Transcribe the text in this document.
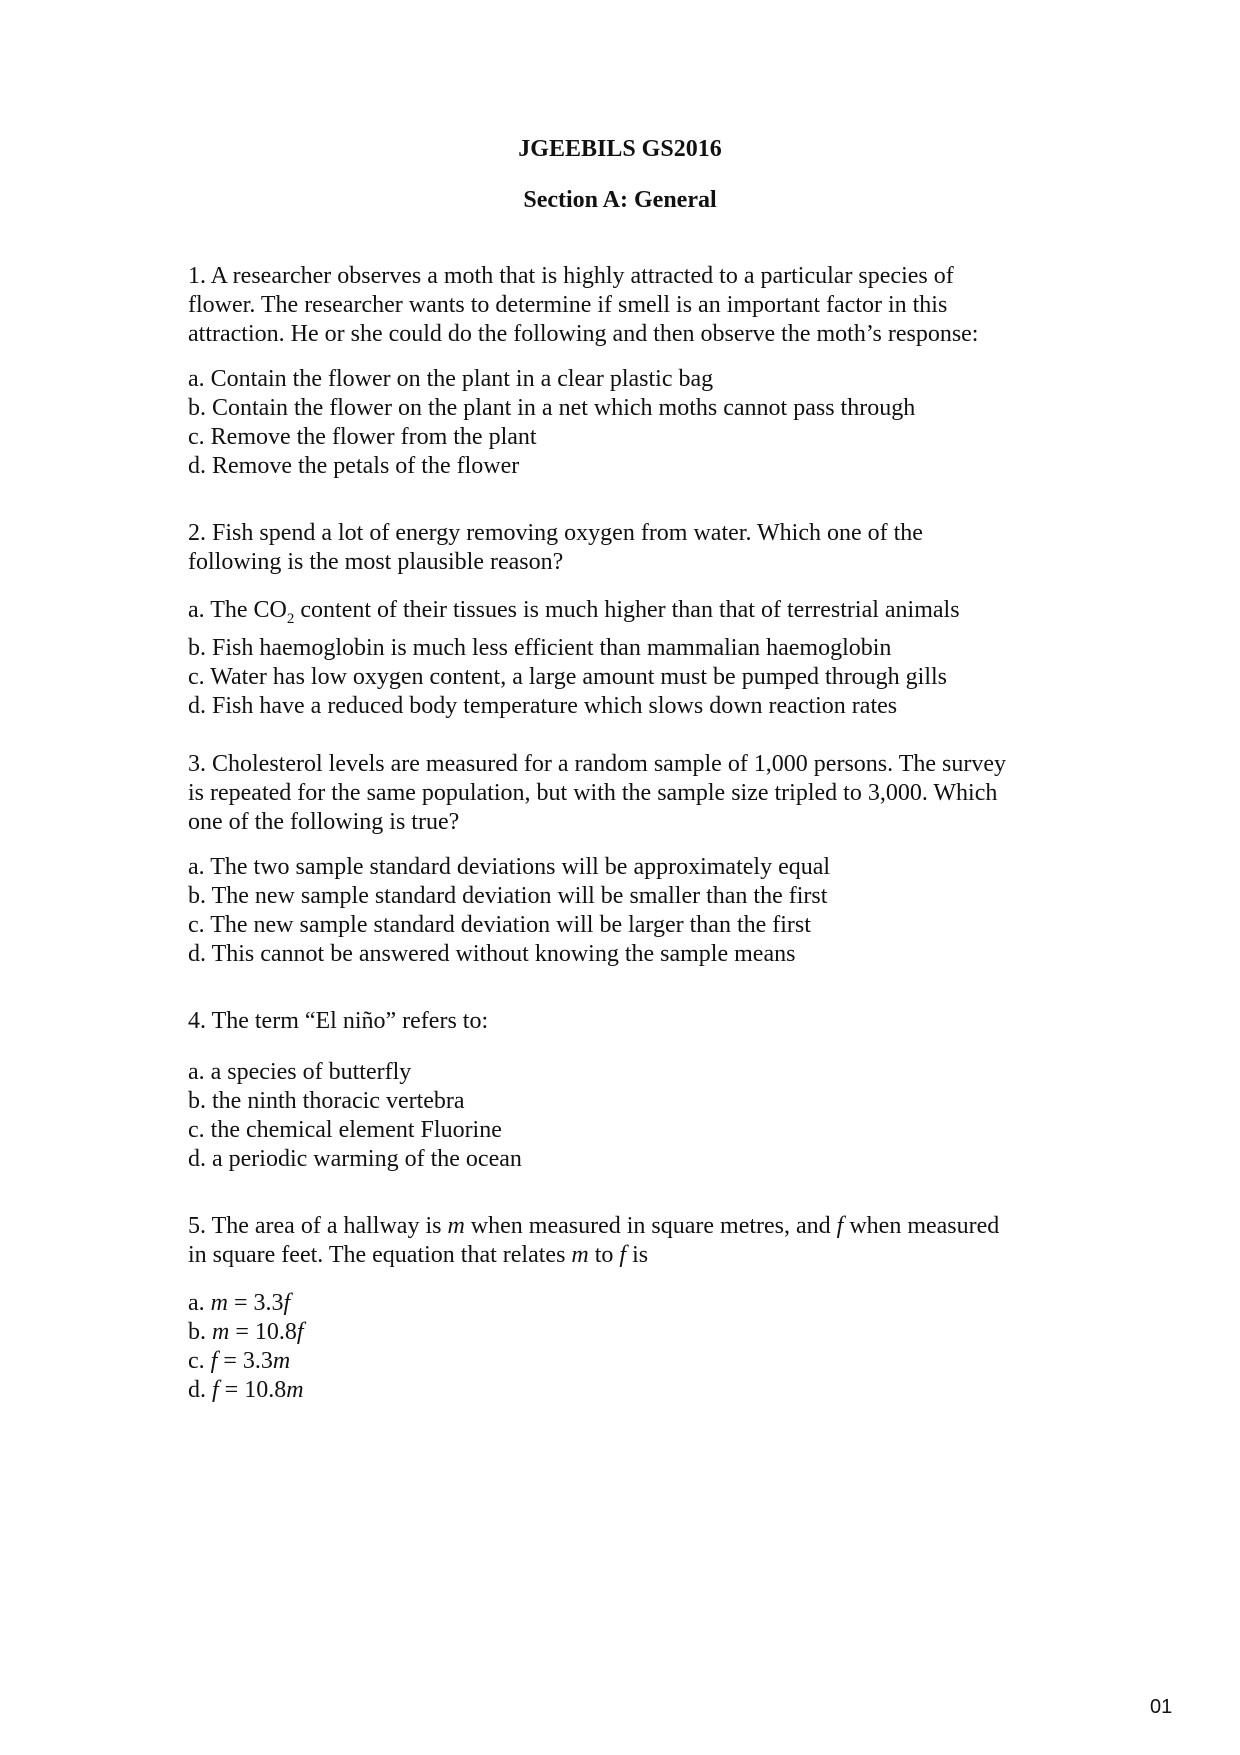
JGEEBILS GS2016
Section A: General
1. A researcher observes a moth that is highly attracted to a particular species of
flower. The researcher wants to determine if smell is an important factor in this
attraction. He or she could do the following and then observe the moth’s response:
a. Contain the flower on the plant in a clear plastic bag
b. Contain the flower on the plant in a net which moths cannot pass through
c. Remove the flower from the plant
d. Remove the petals of the flower
2. Fish spend a lot of energy removing oxygen from water. Which one of the
following is the most plausible reason?
a. The $CO_2$ content of their tissues is much higher than that of terrestrial animals
b. Fish haemoglobin is much less efficient than mammalian haemoglobin
c. Water has low oxygen content, a large amount must be pumped through gills
d. Fish have a reduced body temperature which slows down reaction rates
3. Cholesterol levels are measured for a random sample of 1,000 persons. The survey
is repeated for the same population, but with the sample size tripled to 3,000. Which
one of the following is true?
a. The two sample standard deviations will be approximately equal
b. The new sample standard deviation will be smaller than the first
c. The new sample standard deviation will be larger than the first
d. This cannot be answered without knowing the sample means
4. The term “El niño” refers to:
a. a species of butterfly
b. the ninth thoracic vertebra
c. the chemical element Fluorine
d. a periodic warming of the ocean
5. The area of a hallway is m when measured in square metres, and f when measured
in square feet. The equation that relates m to f is
a. m = 3.3f
b. m = 10.8f
c. f = 3.3m
d. f = 10.8m
01
